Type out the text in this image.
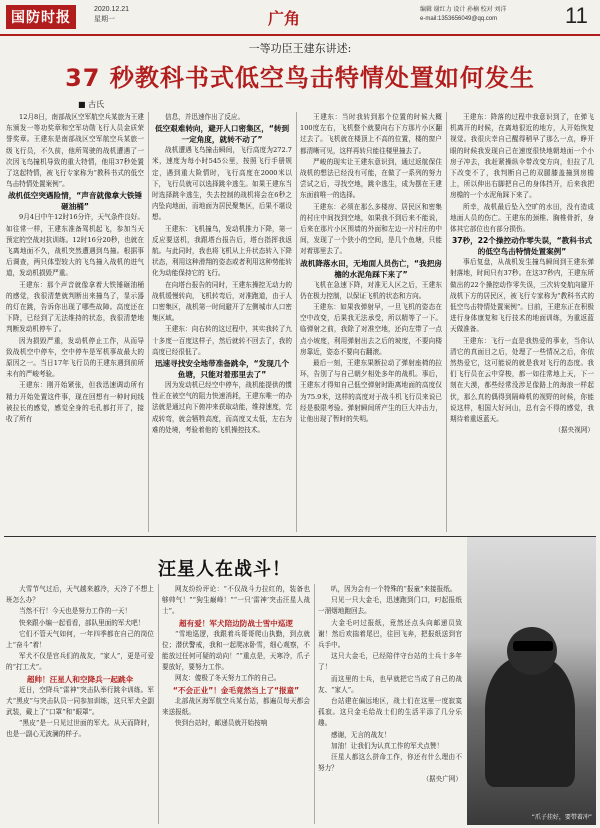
国防时报
2020.12.21
星期一	广角	编辑 谢红力 设计 孙楠 校对 刘洋
e-mail:1353656049@qq.com	11
一等功臣王建东讲述:
37 秒教科书式低空鸟击特情处置如何发生
■ 古氏

12月8日，南部战区空军航空兵某旅为王建东颁发一等功奖章和空军功勋飞行人员金质荣誉奖章。王建东是南部战区空军航空兵某旅一级飞行员，不久前，他所驾驶的战机遭遇了一次因飞鸟撞机导致的重大特情，他用37秒处置了这起特情，被飞行专家称为“教科书式的低空鸟击特情处置案例”。

战机低空突遇险情，“声音就像拿大铁锤砸油桶”

9月4日中午12时16分许，天气条件良好。如往常一样，王建东准备驾机起飞，参加当天预定的空战对抗训练。12时16分20秒，也就在飞离地面不久，战机突然遭遇到鸟撞。根据事后调查，两只体型较大的飞鸟撞入战机的进气道，发动机损毁严重。

王建东：那个声音就像拿着大铁锤砸油桶的感觉，我很清楚就判断出来撞鸟了，显示器的灯在跳，告诉你出现了哪些故障。高度还在下降，已经到了无法维持的状态，我很清楚地判断发动机停车了。

因为损毁严重，发动机停止工作，从而导致战机空中停车，空中停车是军机事故最大的原因之一。当日17年飞行员的王建东遇到前所未有的严峻考验。

王建东：刚开始紧张，但我迅速调动所有精力开始处置这件事，现在回想有一种时间线被拉长的感觉，感觉全身的毛孔都打开了，接收了所有

信息，并迅速作出了反应。

低空艰难转向，避开人口密集区，“转到一定角度，就转不动了”

战机遭遇飞鸟撞击瞬间，飞行高度为272.7米，速度为每小时545公里，按照飞行手册规定，遇到重大险情时，飞行高度在2000米以下，飞行员就可以选择跳伞逃生。如果王建东当时选择跳伞逃生，失去控制的战机将会在6秒之内坠向地面，而地面为居民聚集区，后果不堪设想。

王建东：飞机撞鸟，发动机推力下降，第一反应要送机，我跟塔台报告后，塔台指挥我返航。与此同时，我也将飞机从上升状态转入下降状态，利用这种滑翔的姿态或者利用这种势能转化为动能保持它的飞行。

在向塔台报告的同时，王建东操控无动力的战机缓慢转向，飞机转弯后，对准跑道，由于人口密集区，战机第一时间避开了左侧城市人口密集区域。

王建东：向右转的这过程中，其实我转了九十多度一百度这样子，然后就转不回去了，我的高度已经很低了。

迅速寻找安全地带准备跳伞，“发现几个鱼塘，只能对着那里去了”

因为发动机已经空中停车，战机能提供的惯性正在被空气的阻力快速消耗，王建东唯一的办法就是通过向下俯冲来获取动能，维持速度，完成转弯，就会牺牲高度，而高度又太低，左右为难的处境，考验着他的飞机操控技术。

王建东：当时我转到那个位置的时候大概100度左右，飞机整个就要向右下方那片小区翻过去了。飞机就在楼顶上不高的位置，楼的窗户都清晰可见，这样再转只能往楼里撞去了。

严峻的现实让王建东意识到，通过返航保住战机的想法已经没有可能，在做了一系列的努力尝试之后，寻找空地，跳伞逃生，成为摆在王建东面前唯一的选择。

王建东：必须在那么多楼房、居民区和密集的村庄中间找到空地，如果我不到后来不能说，后来在那片小区围墙的外面和左边一片村庄的中间，发现了一个狭小的空间，是几个鱼塘，只能对着那里去了。

战机降落水田，无地面人员伤亡，“我把房檐的水泥角踩下来了”

飞机在急速下降，对准无人区之后，王建东仍在极力控制，以保证飞机的状态和方向。

王建东：如果我弹射早，一旦飞机的姿态在空中改变，后果我无法承受，所以精等了一下。临弹射之前，我除了对准空地，还向左带了一点点小坡度，利用弹射出去之后的坡度，不要向楼房靠近，姿态不要向右翻滚。

最后一刻，王建东果断拉动了弹射座椅的拉环，告别了与自己朝夕相处多年的战机。事后，王建东才得知自己低空弹射时距离地面的高度仅为75.9米，这样的高度对于战斗机飞行员来说已经是极限考验。弹射瞬间所产生的巨大冲击力，让他出现了暂时的失明。

王建东：降落的过程中我意识到了，在弹飞机离开的时候，在离地很近的地方，人开始恢复视觉。我很庆幸自己醒得稍早了那么一点，睁开眼的时候我发现自己在速度很快地朝地面一个小房子冲去，我赶紧操纵伞带改变方向，但拉了几下改变不了，我判断自己的双腿膝盖撞到房檐上，所以伸出右脚把自己的身体挡开，后来我把房檐的一个水泥角踩下来了。

所幸，战机最后坠入空旷的水田，没有造成地面人员的伤亡。王建东的颈椎、胸椎骨折，身体其它部位也有部分损伤。

37秒，22个操控动作零失误，“教科书式的低空鸟击特情处置案例”

事后复盘，从战机发生撞鸟瞬间到王建东弹射落地，时间只有37秒。在这37秒内，王建东所做出的22个操控动作零失误，三次转变航向避开战机下方的居民区，被飞行专家称为“教科书式的低空鸟击特情处置案例”。目前，王建东正在积极进行身体康复和飞行技术的地面训练，为重返蓝天做准备。

王建东：飞行一直是我热爱的事业，当你认清它的真面目之后，处理了一些情况之后，你依然热爱它，这可能说的就是我对飞行的态度。我们飞行员在云中穿梭，都一如往常地上天，下一刻在大漠，都些经常没涉足像路上的海浪一样起伏，那么真的偶得到隔峰机的视野的时候，你能说这样，相国大好河山，总有会不得的感觉，我期待着重返蓝天。

（据央视网）

汪星人在战斗！

大雪节气过后，天气越来越冷，天冷了不想上班怎么办？

当然不行！今天也是努力工作的一天！

快来跟小编一起看看，部队里面的军犬吧！

它们不管天气如何，一年四季都在自己的岗位上“奋斗”着！

军犬不仅是官兵们的战友，“家人”，更是可爱的“打工犬”。

超帅！汪星人和空降兵一起跳伞

近日，空降兵“雷神”突击队举行跳伞训练。军犬“黑皮”与突击队员一同参加训练，这只军犬全副武装，戴上了“口罩”和“眼罩”。

“黑皮”是一只见过世面的军犬。从天而降时，也是一副心无波澜的样子。

网友纷纷评论：“不仅战斗力拉红的，装备也够帅气！”“狗生巅峰！”“一只‘雷神’突击汪星人战士”。

超有爱！军犬陪边防战士雪中巡逻

“雪地巡逻，我跟着兵哥哥爬山执勤，到点就位；潜伏警戒，我和一起爬冰卧雪，细心观察，不能放过任何可疑的动向！”“重点是，天寒冷，爪子要放好，要努力工作。

网友：傻极了冬天努力工作的自己。

“不会正业”！金毛竟然当上了“报童”

北部战区海军航空兵某台站，都遍员每天都会来送报纸。

快到台站时，邮递员就开始按响

叭，因为会有一个特殊的“报童”来接报纸。

只见一只大金毛，迅速跑到门口，叼起报纸一溜烟地跑回去。

大金毛叼过报纸，竟然还点头向邮递员致谢！然后欢揣着尾巴，往回飞奔，把报纸送到官兵手中。

这只大金毛，已经陪伴守台站的士兵十多年了！

而这里的士兵，也早就把它当成了自己的战友、“家人”。

台站建在偏远地区，战士们在这里一度寂寞孤寂。这只金毛给战士们的生活平添了几分乐趣。

感谢，无言的战友！

加油！让我们为认真工作的军犬点赞！

汪星人都这么拼命工作，你还有什么理由不努力？

（据央广网）

“爪子挂好，要带着冲”
